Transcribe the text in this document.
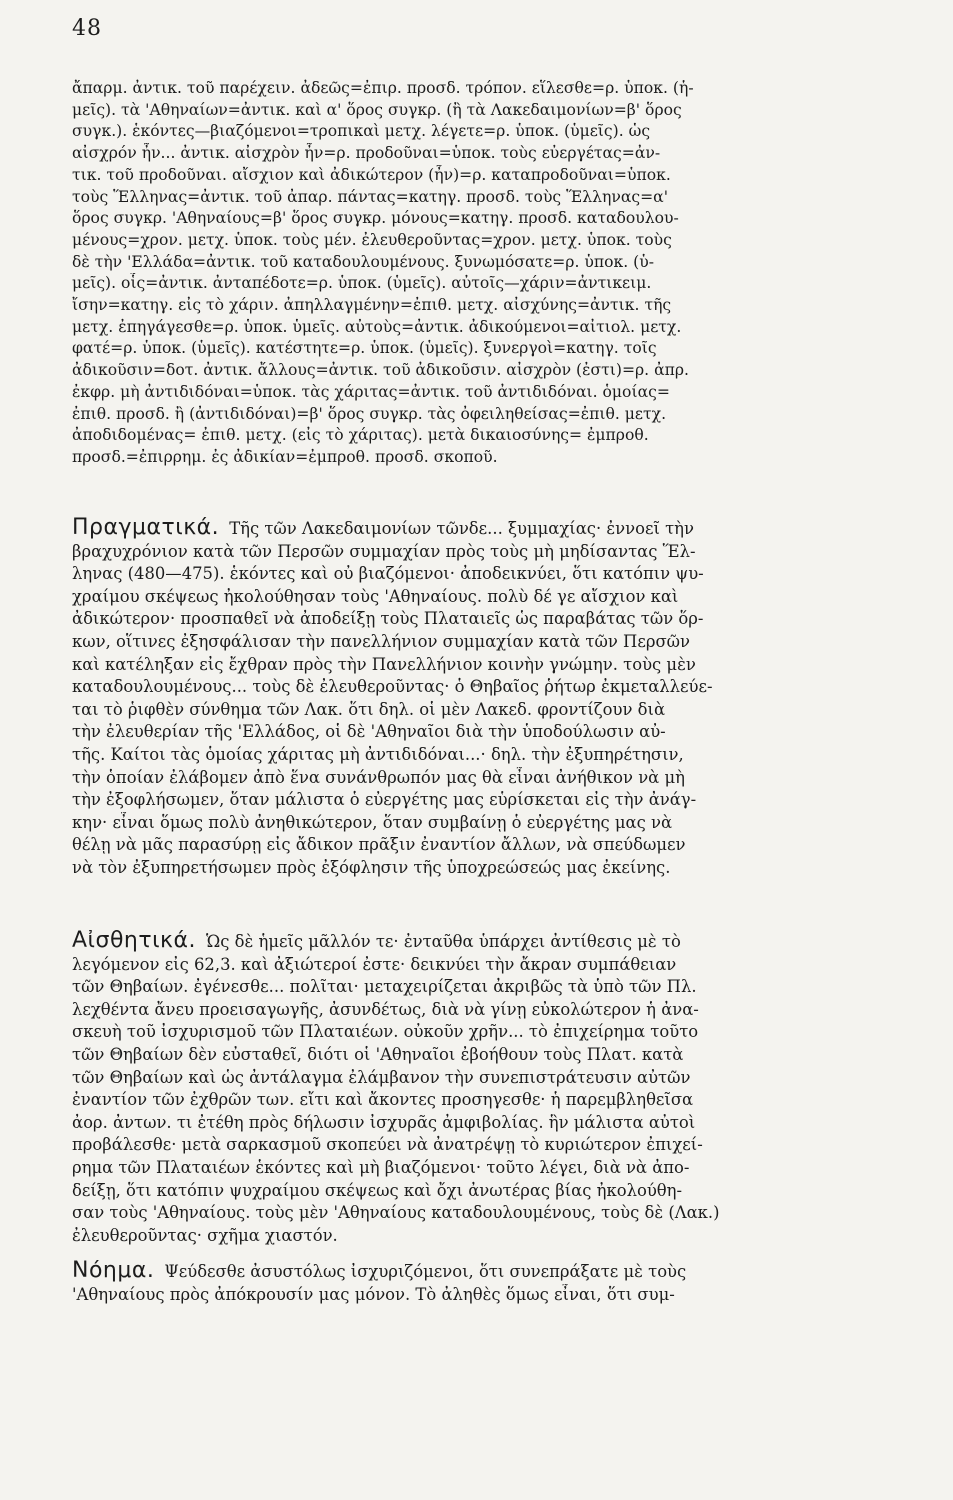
48

ἄπαρμ. ἀντικ. τοῦ παρέχειν. ἀδεῶς=ἐπιρ. προσδ. τρόπον. εἵλεσθε=ρ. ὑποκ. (ἡ-

μεῖς). τὰ 'Αθηναίων=ἀντικ. καὶ α' ὅρος συγκρ. (ἢ τὰ Λακεδαιμονίων=β' ὅρος

συγκ.). ἑκόντες—βιαζόμενοι=τροπικαὶ μετχ. λέγετε=ρ. ὑποκ. (ὑμεῖς). ὡς

αἰσχρόν ἦν... ἀντικ. αἰσχρὸν ἦν=ρ. προδοῦναι=ὑποκ. τοὺς εὐεργέτας=ἀν-

τικ. τοῦ προδοῦναι. αἴσχιον καὶ ἀδικώτερον (ἦν)=ρ. καταπροδοῦναι=ὑποκ.

τοὺς Ἕλληνας=ἀντικ. τοῦ ἀπαρ. πάντας=κατηγ. προσδ. τοὺς Ἕλληνας=α'

ὅρος συγκρ. 'Αθηναίους=β' ὅρος συγκρ. μόνους=κατηγ. προσδ. καταδουλου-

μένους=χρον. μετχ. ὑποκ. τοὺς μέν. ἐλευθεροῦντας=χρον. μετχ. ὑποκ. τοὺς

δὲ τὴν 'Ελλάδα=ἀντικ. τοῦ καταδουλουμένους. ξυνωμόσατε=ρ. ὑποκ. (ὑ-

μεῖς). οἷς=ἀντικ. ἀνταπέδοτε=ρ. ὑποκ. (ὑμεῖς). αὐτοῖς—χάριν=ἀντικειμ.

ἴσην=κατηγ. εἰς τὸ χάριν. ἀπηλλαγμένην=ἐπιθ. μετχ. αἰσχύνης=ἀντικ. τῆς

μετχ. ἐπηγάγεσθε=ρ. ὑποκ. ὑμεῖς. αὐτοὺς=ἀντικ. ἀδικούμενοι=αἰτιολ. μετχ.

φατέ=ρ. ὑποκ. (ὑμεῖς). κατέστητε=ρ. ὑποκ. (ὑμεῖς). ξυνεργοὶ=κατηγ. τοῖς

ἀδικοῦσιν=δοτ. ἀντικ. ἄλλους=ἀντικ. τοῦ ἀδικοῦσιν. αἰσχρὸν (ἐστι)=ρ. ἀπρ.

ἐκφρ. μὴ ἀντιδιδόναι=ὑποκ. τὰς χάριτας=ἀντικ. τοῦ ἀντιδιδόναι. ὁμοίας=

ἐπιθ. προσδ. ἢ (ἀντιδιδόναι)=β' ὅρος συγκρ. τὰς ὀφειληθείσας=ἐπιθ. μετχ.

ἀποδιδομένας= ἐπιθ. μετχ. (εἰς τὸ χάριτας). μετὰ δικαιοσύνης= ἐμπροθ.

προσδ.=ἐπιρρημ. ἐς ἀδικίαν=ἐμπροθ. προσδ. σκοποῦ.

Πραγματικά. Τῆς τῶν Λακεδαιμονίων τῶνδε... ξυμμαχίας· ἐννοεῖ τὴν

βραχυχρόνιον κατὰ τῶν Περσῶν συμμαχίαν πρὸς τοὺς μὴ μηδίσαντας Ἕλ-

ληνας (480—475). ἑκόντες καὶ οὐ βιαζόμενοι· ἀποδεικνύει, ὅτι κατόπιν ψυ-

χραίμου σκέψεως ἠκολούθησαν τοὺς 'Αθηναίους. πολὺ δέ γε αἴσχιον καὶ

ἀδικώτερον· προσπαθεῖ νὰ ἀποδείξῃ τοὺς Πλαταιεῖς ὡς παραβάτας τῶν ὅρ-

κων, οἵτινες ἐξησφάλισαν τὴν πανελλήνιον συμμαχίαν κατὰ τῶν Περσῶν

καὶ κατέληξαν εἰς ἔχθραν πρὸς τὴν Πανελλήνιον κοινὴν γνώμην. τοὺς μὲν

καταδουλουμένους... τοὺς δὲ ἐλευθεροῦντας· ὁ Θηβαῖος ῥήτωρ ἐκμεταλλεύε-

ται τὸ ῥιφθὲν σύνθημα τῶν Λακ. ὅτι δηλ. οἱ μὲν Λακεδ. φροντίζουν διὰ

τὴν ἐλευθερίαν τῆς 'Ελλάδος, οἱ δὲ 'Αθηναῖοι διὰ τὴν ὑποδούλωσιν αὐ-

τῆς. Καίτοι τὰς ὁμοίας χάριτας μὴ ἀντιδιδόναι...· δηλ. τὴν ἐξυπηρέτησιν,

τὴν ὁποίαν ἐλάβομεν ἀπὸ ἕνα συνάνθρωπόν μας θὰ εἶναι ἀνήθικον νὰ μὴ

τὴν ἐξοφλήσωμεν, ὅταν μάλιστα ὁ εὐεργέτης μας εὑρίσκεται εἰς τὴν ἀνάγ-

κην· εἶναι ὅμως πολὺ ἀνηθικώτερον, ὅταν συμβαίνῃ ὁ εὐεργέτης μας νὰ

θέλῃ νὰ μᾶς παρασύρῃ εἰς ἄδικον πρᾶξιν ἐναντίον ἄλλων, νὰ σπεύδωμεν

νὰ τὸν ἐξυπηρετήσωμεν πρὸς ἐξόφλησιν τῆς ὑποχρεώσεώς μας ἐκείνης.

Αἰσθητικά. Ὡς δὲ ἡμεῖς μᾶλλόν τε· ἐνταῦθα ὑπάρχει ἀντίθεσις μὲ τὸ

λεγόμενον εἰς 62,3. καὶ ἀξιώτεροί ἐστε· δεικνύει τὴν ἄκραν συμπάθειαν

τῶν Θηβαίων. ἐγένεσθε... πολῖται· μεταχειρίζεται ἀκριβῶς τὰ ὑπὸ τῶν Πλ.

λεχθέντα ἄνευ προεισαγωγῆς, ἀσυνδέτως, διὰ νὰ γίνῃ εὐκολώτερον ἡ ἀνα-

σκευὴ τοῦ ἰσχυρισμοῦ τῶν Πλαταιέων. οὐκοῦν χρῆν... τὸ ἐπιχείρημα τοῦτο

τῶν Θηβαίων δὲν εὐσταθεῖ, διότι οἱ 'Αθηναῖοι ἐβοήθουν τοὺς Πλατ. κατὰ

τῶν Θηβαίων καὶ ὡς ἀντάλαγμα ἐλάμβανον τὴν συνεπιστράτευσιν αὐτῶν

ἐναντίον τῶν ἐχθρῶν των. εἴτι καὶ ἄκοντες προσηγεσθε· ἡ παρεμβληθεῖσα

ἀορ. ἀντων. τι ἐτέθη πρὸς δήλωσιν ἰσχυρᾶς ἀμφιβολίας. ἣν μάλιστα αὐτοὶ

προβάλεσθε· μετὰ σαρκασμοῦ σκοπεύει νὰ ἀνατρέψῃ τὸ κυριώτερον ἐπιχεί-

ρημα τῶν Πλαταιέων ἑκόντες καὶ μὴ βιαζόμενοι· τοῦτο λέγει, διὰ νὰ ἀπο-

δείξῃ, ὅτι κατόπιν ψυχραίμου σκέψεως καὶ ὄχι ἀνωτέρας βίας ἠκολούθη-

σαν τοὺς 'Αθηναίους. τοὺς μὲν 'Αθηναίους καταδουλουμένους, τοὺς δὲ (Λακ.)

ἐλευθεροῦντας· σχῆμα χιαστόν.

Νόημα. Ψεύδεσθε ἀσυστόλως ἰσχυριζόμενοι, ὅτι συνεπράξατε μὲ τοὺς

'Αθηναίους πρὸς ἀπόκρουσίν μας μόνον. Τὸ ἀληθὲς ὅμως εἶναι, ὅτι συμ-
